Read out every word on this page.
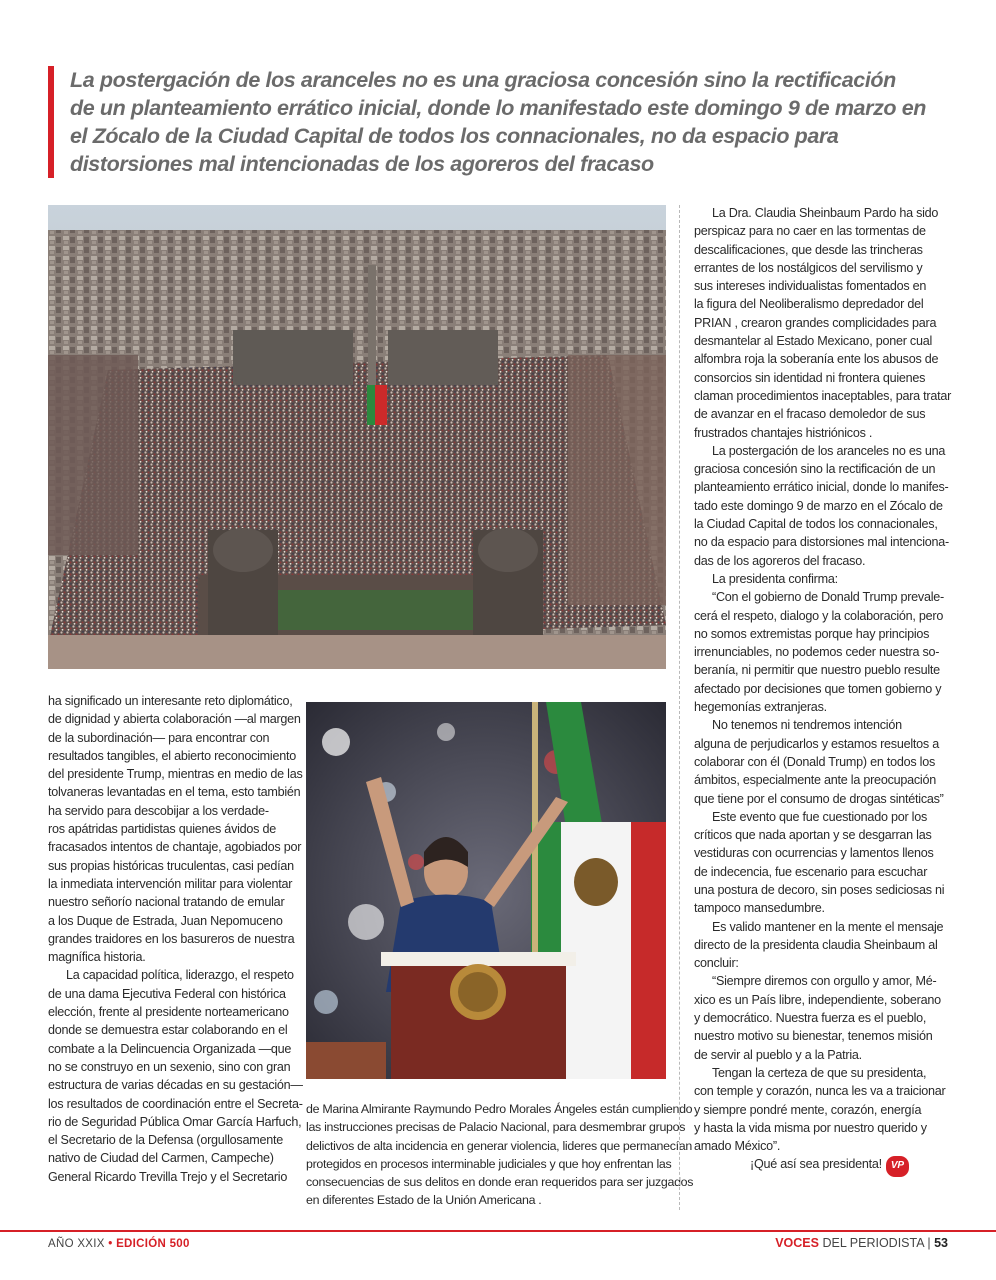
La postergación de los aranceles no es una graciosa concesión sino la rectificación
de un planteamiento errático inicial, donde lo manifestado este domingo 9 de marzo en
el Zócalo de la Ciudad Capital de todos los connacionales, no da espacio para
distorsiones mal intencionadas de los agoreros del fracaso

ha significado un interesante reto diplomático,
de dignidad y abierta colaboración —al margen
de la subordinación— para encontrar con
resultados tangibles, el abierto reconocimiento
del presidente Trump, mientras en medio de las
tolvaneras levantadas en el tema, esto también
ha servido para descobijar a los verdade-
ros apátridas partidistas quienes ávidos de
fracasados intentos de chantaje, agobiados por
sus propias históricas truculentas, casi pedían
la inmediata intervención militar para violentar
nuestro señorío nacional tratando de emular
a los Duque de Estrada, Juan Nepomuceno
grandes traidores en los basureros de nuestra
magnífica historia.

La capacidad política, liderazgo, el respeto
de una dama Ejecutiva Federal con histórica
elección, frente al presidente norteamericano
donde se demuestra estar colaborando en el
combate a la Delincuencia Organizada —que
no se construyo en un sexenio, sino con gran
estructura de varias décadas en su gestación—
los resultados de coordinación entre el Secreta-
rio de Seguridad Pública Omar García Harfuch,
el Secretario de la Defensa (orgullosamente
nativo de Ciudad del Carmen, Campeche)
General Ricardo Trevilla Trejo y el Secretario

de Marina Almirante Raymundo Pedro Morales Ángeles están cumpliendo
las instrucciones precisas de Palacio Nacional, para desmembrar grupos
delictivos de alta incidencia en generar violencia, lideres que permanecían
protegidos en procesos interminable judiciales y que hoy enfrentan las
consecuencias de sus delitos en donde eran requeridos para ser juzgados
en diferentes Estado de la Unión Americana .

La Dra. Claudia Sheinbaum Pardo ha sido
perspicaz para no caer en las tormentas de
descalificaciones, que desde las trincheras
errantes de los nostálgicos del servilismo y
sus intereses individualistas fomentados en
la figura del Neoliberalismo depredador del
PRIAN , crearon grandes complicidades para
desmantelar al Estado Mexicano, poner cual
alfombra roja la soberanía ente los abusos de
consorcios sin identidad ni frontera quienes
claman procedimientos inaceptables, para tratar
de avanzar en el fracaso demoledor de sus
frustrados chantajes histriónicos .

La postergación de los aranceles no es una
graciosa concesión sino la rectificación de un
planteamiento errático inicial, donde lo manifes-
tado este domingo 9 de marzo en el Zócalo de
la Ciudad Capital de todos los connacionales,
no da espacio para distorsiones mal intenciona-
das de los agoreros del fracaso.

La presidenta confirma:

“Con el gobierno de Donald Trump prevale-
cerá el respeto, dialogo y la colaboración, pero
no somos extremistas porque hay principios
irrenunciables, no podemos ceder nuestra so-
beranía, ni permitir que nuestro pueblo resulte
afectado por decisiones que tomen gobierno y
hegemonías extranjeras.

No tenemos ni tendremos intención
alguna de perjudicarlos y estamos resueltos a
colaborar con él (Donald Trump) en todos los
ámbitos, especialmente ante la preocupación
que tiene por el consumo de drogas sintéticas”

Este evento que fue cuestionado por los
críticos que nada aportan y se desgarran las
vestiduras con ocurrencias y lamentos llenos
de indecencia, fue escenario para escuchar
una postura de decoro, sin poses sediciosas ni
tampoco mansedumbre.

Es valido mantener en la mente el mensaje
directo de la presidenta claudia Sheinbaum al
concluir:

“Siempre diremos con orgullo y amor, Mé-
xico es un País libre, independiente, soberano
y democrático. Nuestra fuerza es el pueblo,
nuestro motivo su bienestar, tenemos misión
de servir al pueblo y a la Patria.

Tengan la certeza de que su presidenta,
con temple y corazón, nunca les va a traicionar
y siempre pondré mente, corazón, energía
y hasta la vida misma por nuestro querido y
amado México”.

¡Qué así sea presidenta! VP

AÑO XXIX • EDICIÓN 500	VOCES DEL PERIODISTA | 53
